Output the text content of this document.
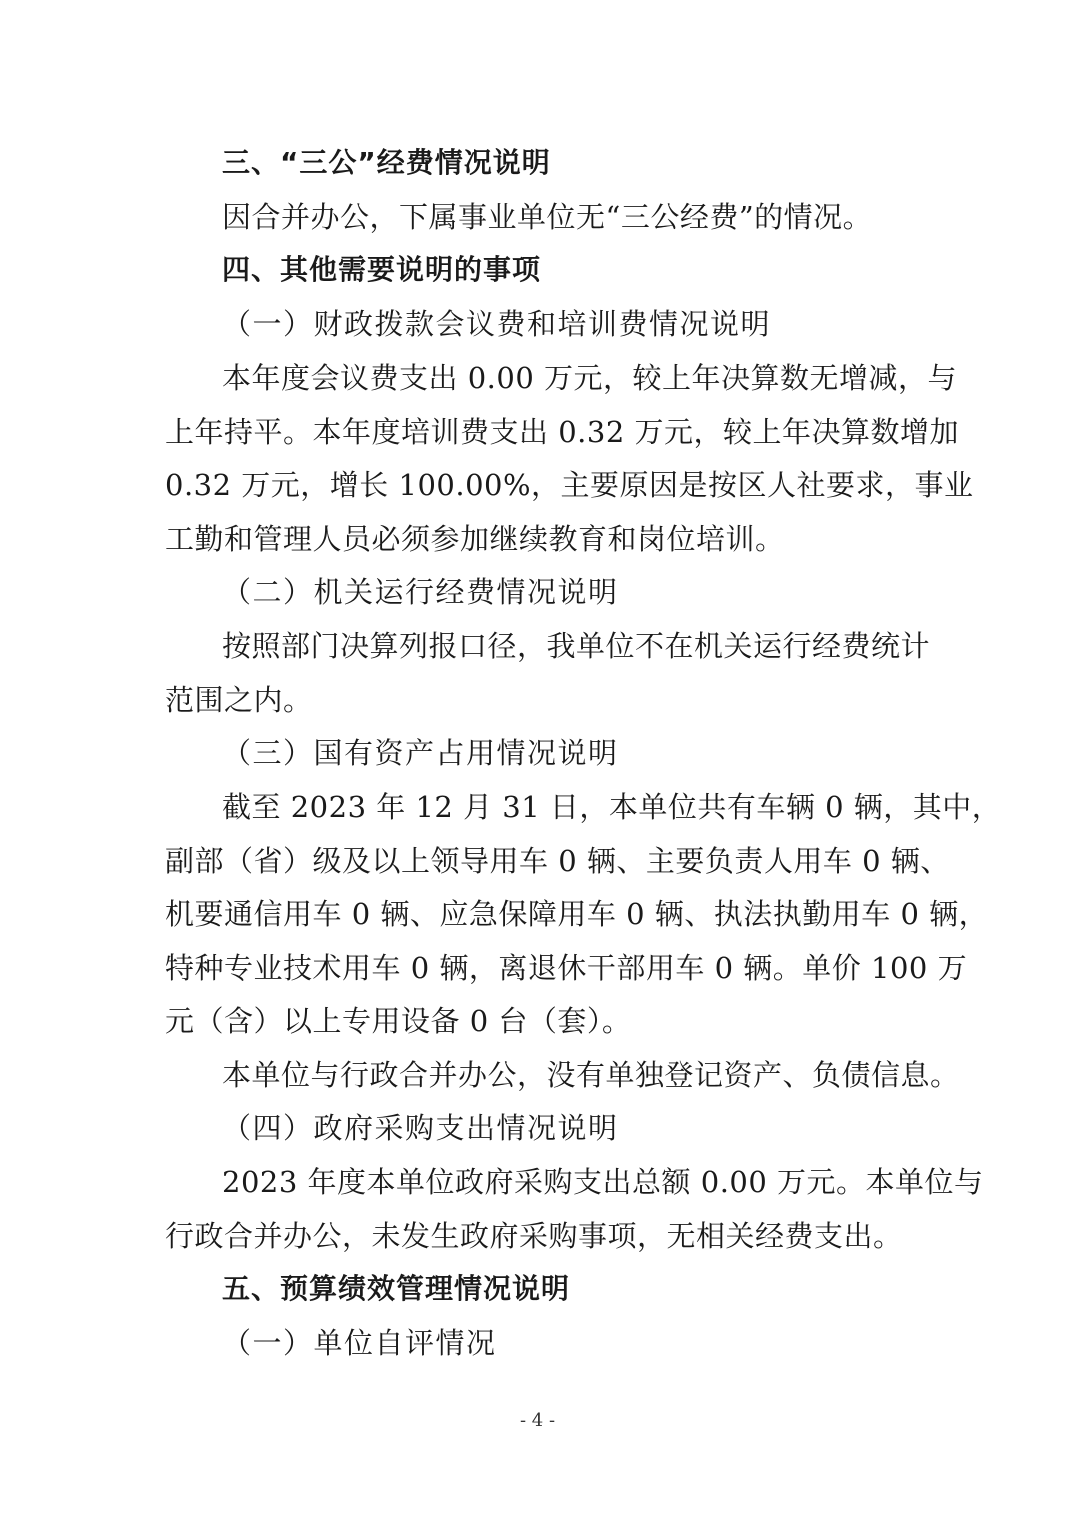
三、“三公”经费情况说明
因合并办公，下属事业单位无“三公经费”的情况。
四、其他需要说明的事项
（一）财政拨款会议费和培训费情况说明
本年度会议费支出 0.00 万元，较上年决算数无增减，与
上年持平。本年度培训费支出 0.32 万元，较上年决算数增加
0.32 万元，增长 100.00%，主要原因是按区人社要求，事业
工勤和管理人员必须参加继续教育和岗位培训。
（二）机关运行经费情况说明
按照部门决算列报口径，我单位不在机关运行经费统计
范围之内。
（三）国有资产占用情况说明
截至 2023 年 12 月 31 日，本单位共有车辆 0 辆，其中，
副部（省）级及以上领导用车 0 辆、主要负责人用车 0 辆、
机要通信用车 0 辆、应急保障用车 0 辆、执法执勤用车 0 辆，
特种专业技术用车 0 辆，离退休干部用车 0 辆。单价 100 万
元（含）以上专用设备 0 台（套）。
本单位与行政合并办公，没有单独登记资产、负债信息。
（四）政府采购支出情况说明
2023 年度本单位政府采购支出总额 0.00 万元。本单位与
行政合并办公，未发生政府采购事项，无相关经费支出。
五、预算绩效管理情况说明
（一）单位自评情况
- 4 -
